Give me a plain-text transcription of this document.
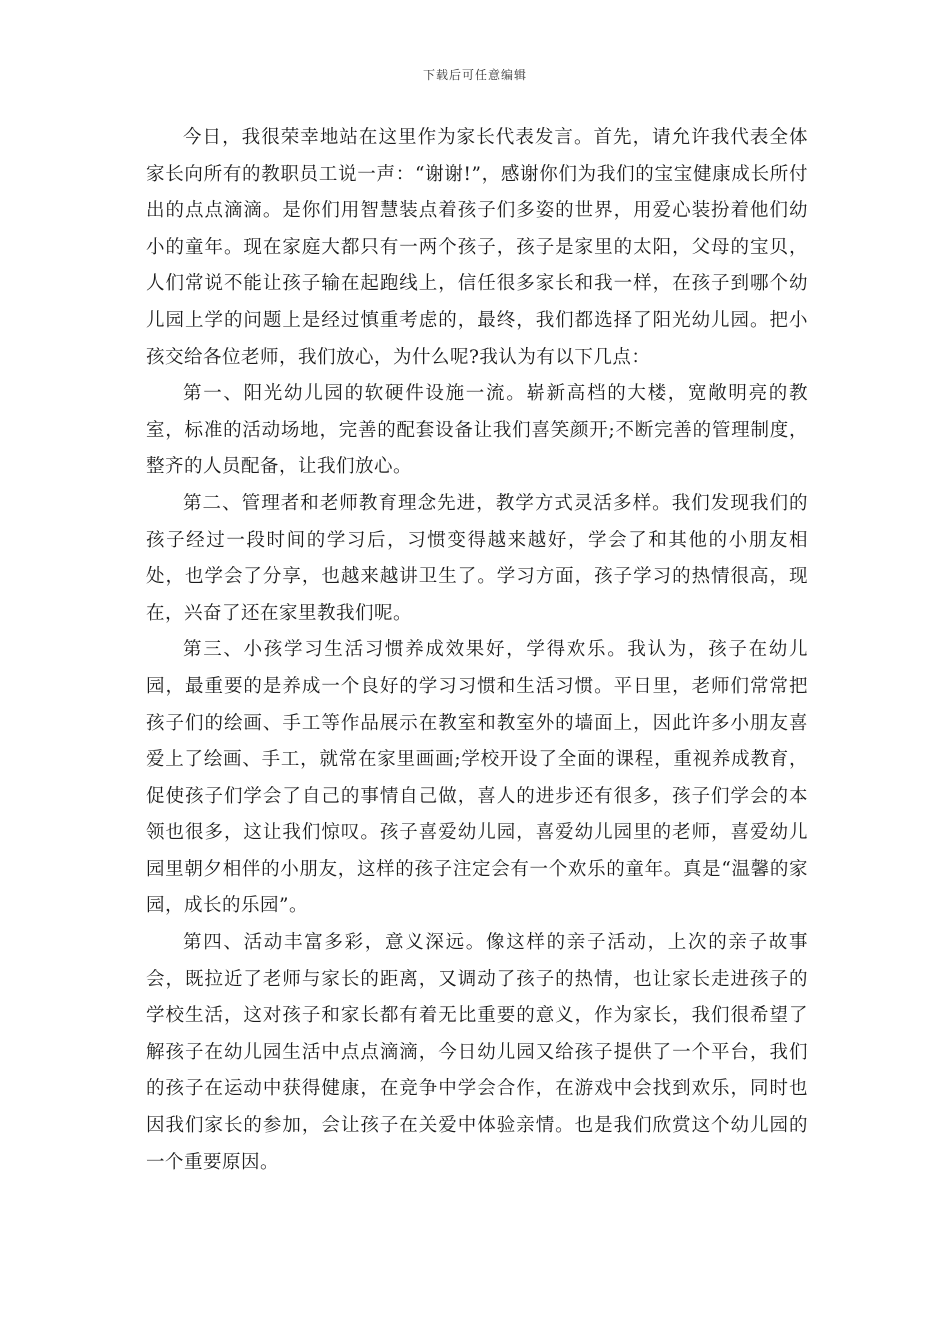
下载后可任意编辑

今日，我很荣幸地站在这里作为家长代表发言。首先，请允许我代表全体家长向所有的教职员工说一声：“谢谢!”，感谢你们为我们的宝宝健康成长所付出的点点滴滴。是你们用智慧装点着孩子们多姿的世界，用爱心装扮着他们幼小的童年。现在家庭大都只有一两个孩子，孩子是家里的太阳，父母的宝贝，人们常说不能让孩子输在起跑线上，信任很多家长和我一样，在孩子到哪个幼儿园上学的问题上是经过慎重考虑的，最终，我们都选择了阳光幼儿园。把小孩交给各位老师，我们放心，为什么呢?我认为有以下几点：

第一、阳光幼儿园的软硬件设施一流。崭新高档的大楼，宽敞明亮的教室，标准的活动场地，完善的配套设备让我们喜笑颜开;不断完善的管理制度，整齐的人员配备，让我们放心。

第二、管理者和老师教育理念先进，教学方式灵活多样。我们发现我们的孩子经过一段时间的学习后，习惯变得越来越好，学会了和其他的小朋友相处，也学会了分享，也越来越讲卫生了。学习方面，孩子学习的热情很高，现在，兴奋了还在家里教我们呢。

第三、小孩学习生活习惯养成效果好，学得欢乐。我认为，孩子在幼儿园，最重要的是养成一个良好的学习习惯和生活习惯。平日里，老师们常常把孩子们的绘画、手工等作品展示在教室和教室外的墙面上，因此许多小朋友喜爱上了绘画、手工，就常在家里画画;学校开设了全面的课程，重视养成教育，促使孩子们学会了自己的事情自己做，喜人的进步还有很多，孩子们学会的本领也很多，这让我们惊叹。孩子喜爱幼儿园，喜爱幼儿园里的老师，喜爱幼儿园里朝夕相伴的小朋友，这样的孩子注定会有一个欢乐的童年。真是“温馨的家园，成长的乐园”。

第四、活动丰富多彩，意义深远。像这样的亲子活动，上次的亲子故事会，既拉近了老师与家长的距离，又调动了孩子的热情，也让家长走进孩子的学校生活，这对孩子和家长都有着无比重要的意义，作为家长，我们很希望了解孩子在幼儿园生活中点点滴滴，今日幼儿园又给孩子提供了一个平台，我们的孩子在运动中获得健康，在竞争中学会合作，在游戏中会找到欢乐，同时也因我们家长的参加，会让孩子在关爱中体验亲情。也是我们欣赏这个幼儿园的一个重要原因。
